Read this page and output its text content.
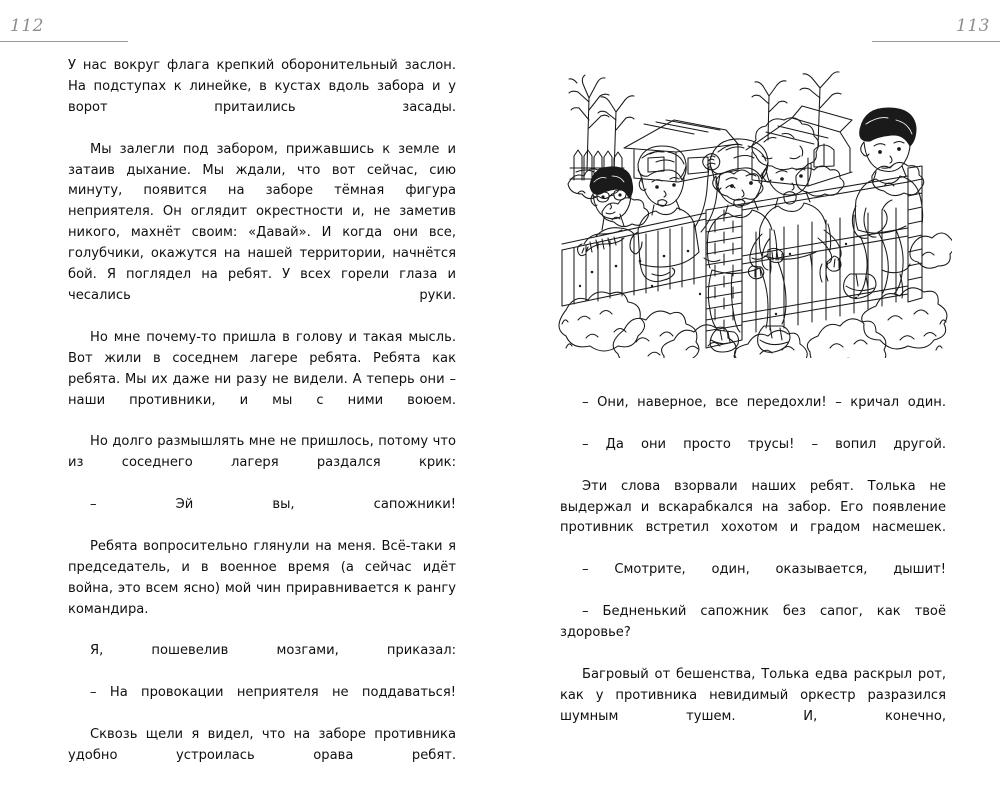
112

У нас вокруг флага крепкий оборонительный заслон. На подступах к линейке, в кустах вдоль забора и у ворот притаились засады.

Мы залегли под забором, прижавшись к земле и затаив дыхание. Мы ждали, что вот сейчас, сию минуту, появится на заборе тёмная фигура неприятеля. Он оглядит окрестности и, не заметив никого, махнёт своим: «Давай». И когда они все, голубчики, окажутся на нашей территории, начнётся бой. Я поглядел на ребят. У всех горели глаза и чесались руки.

Но мне почему-то пришла в голову и такая мысль. Вот жили в соседнем лагере ребята. Ребята как ребята. Мы их даже ни разу не видели. А теперь они – наши противники, и мы с ними воюем.

Но долго размышлять мне не пришлось, потому что из соседнего лагеря раздался крик:

– Эй вы, сапожники!

Ребята вопросительно глянули на меня. Всё-таки я председатель, и в военное время (а сейчас идёт война, это всем ясно) мой чин приравнивается к рангу командира.

Я, пошевелив мозгами, приказал:

– На провокации неприятеля не поддаваться!

Сквозь щели я видел, что на заборе противника удобно устроилась орава ребят.

113

– Они, наверное, все передохли! – кричал один.

– Да они просто трусы! – вопил другой.

Эти слова взорвали наших ребят. Толька не выдержал и вскарабкался на забор. Его появление противник встретил хохотом и градом насмешек.

– Смотрите, один, оказывается, дышит!

– Бедненький сапожник без сапог, как твоё здоровье?

Багровый от бешенства, Толька едва раскрыл рот, как у противника невидимый оркестр разразился шумным тушем. И, конечно,
